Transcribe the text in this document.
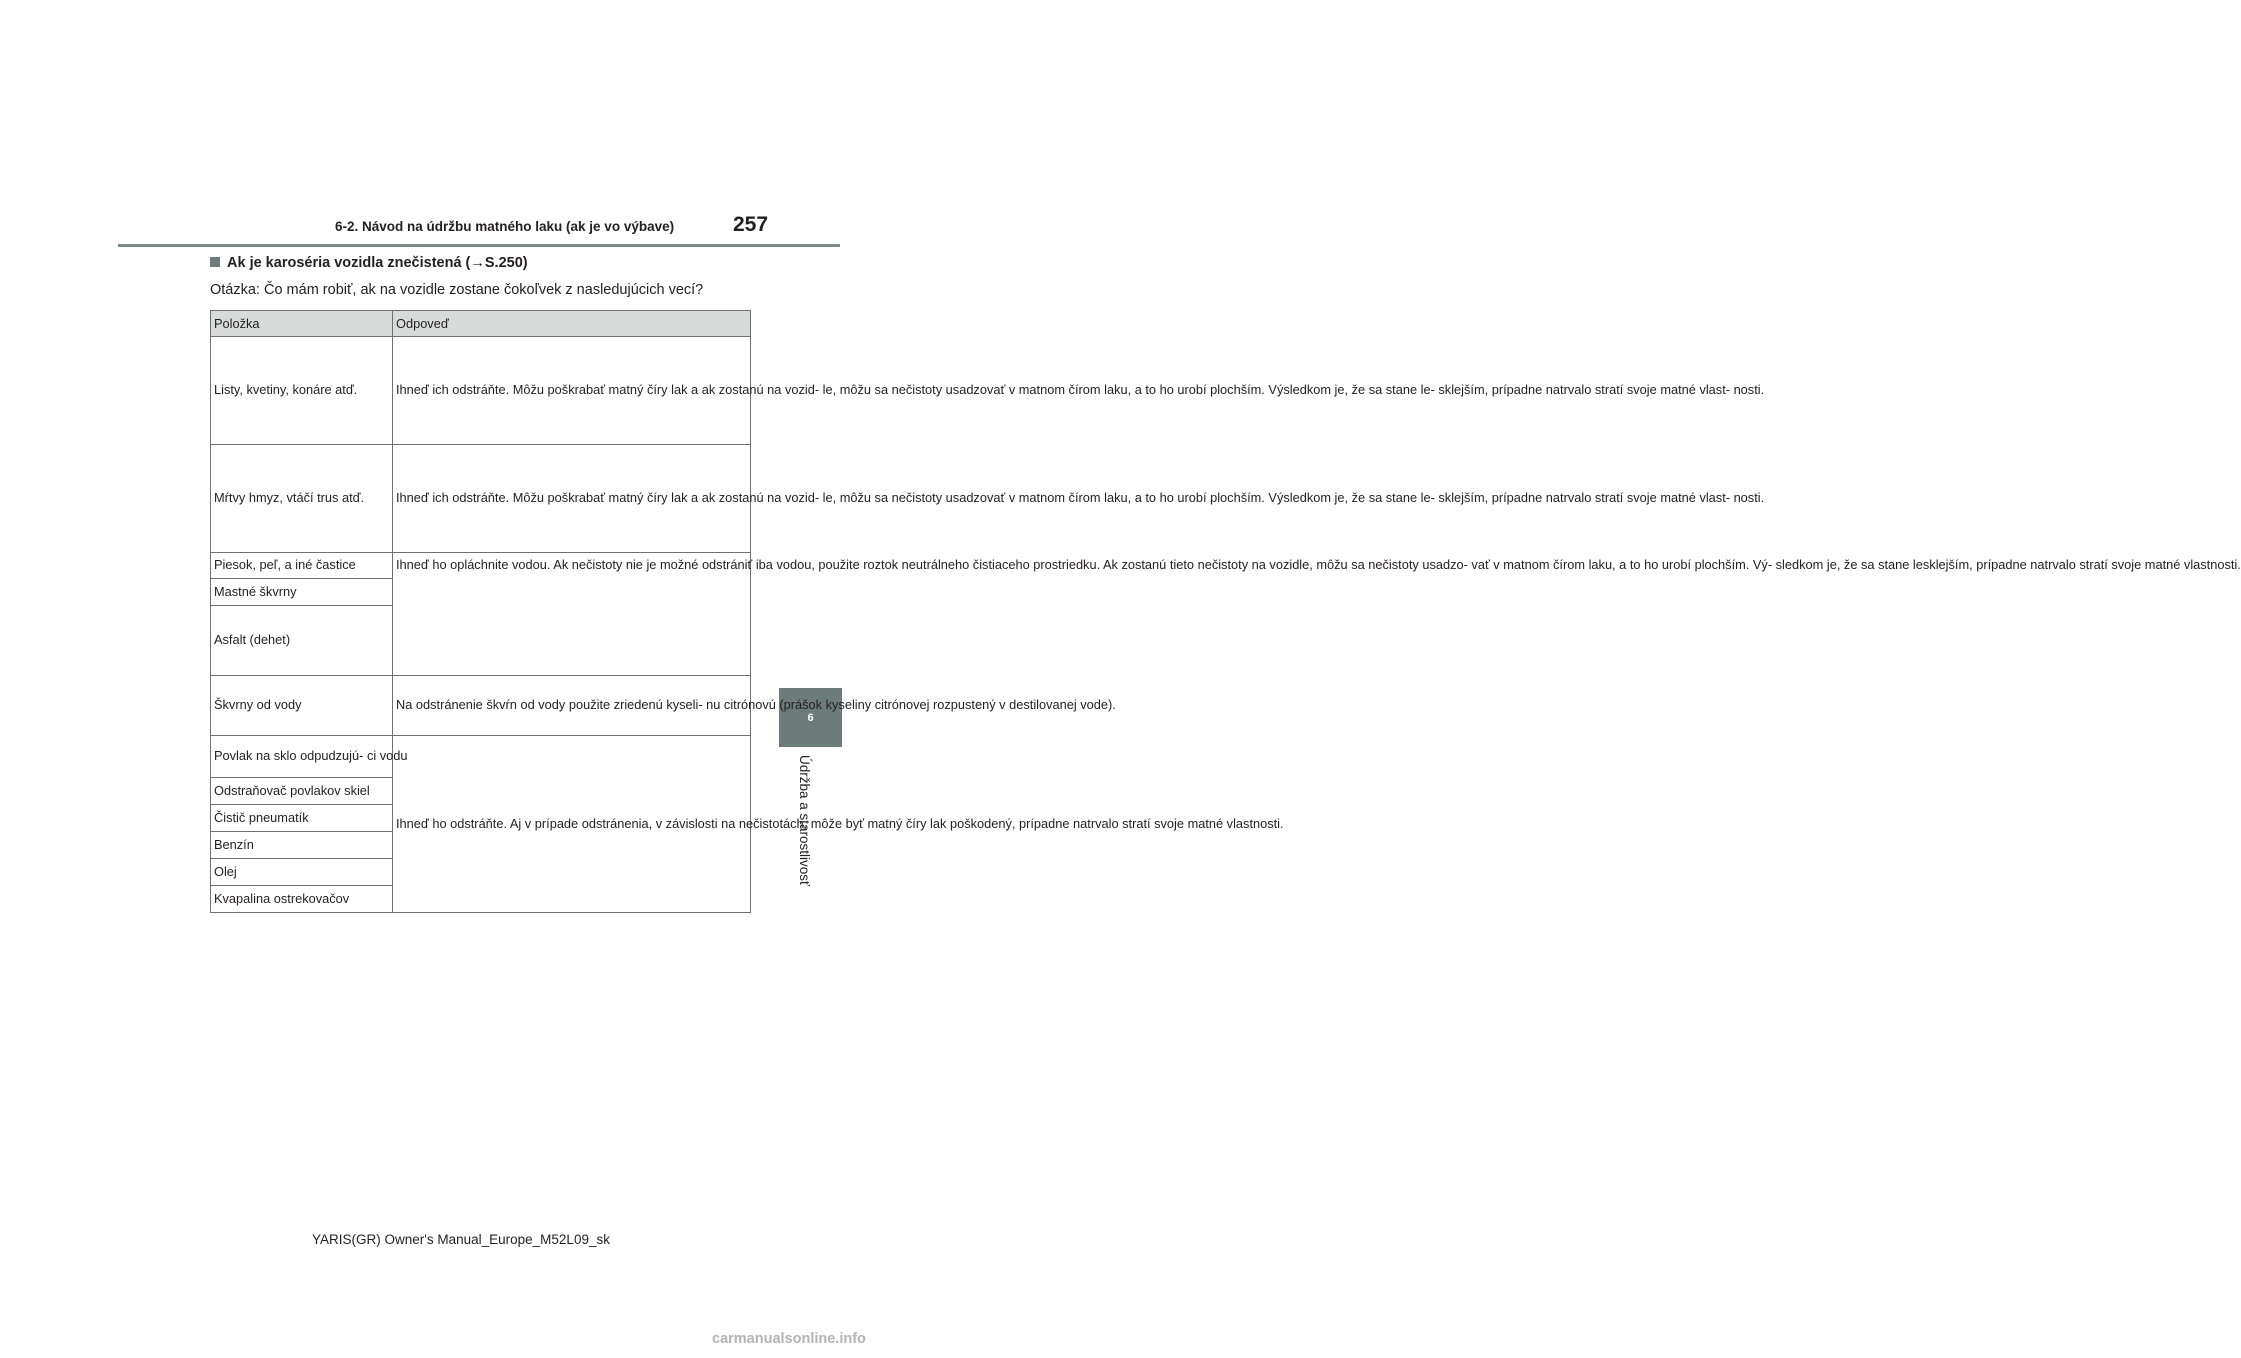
6-2. Návod na údržbu matného laku (ak je vo výbave)	257
6
Údržba a starostlivosť
Ak je karoséria vozidla znečistená (→S.250)
Otázka: Čo mám robiť, ak na vozidle zostane čokoľvek z nasledujúcich vecí?
Položka	Odpoveď
Listy, kvetiny, konáre atď.	Ihneď ich odstráňte. Môžu poškrabať matný číry lak a ak zostanú na vozid- le, môžu sa nečistoty usadzovať v matnom čírom laku, a to ho urobí plochším. Výsledkom je, že sa stane le- sklejším, prípadne natrvalo stratí svoje matné vlast- nosti.
Mŕtvy hmyz, vtáčí trus atď.	Ihneď ich odstráňte. Môžu poškrabať matný číry lak a ak zostanú na vozid- le, môžu sa nečistoty usadzovať v matnom čírom laku, a to ho urobí plochším. Výsledkom je, že sa stane le- sklejším, prípadne natrvalo stratí svoje matné vlast- nosti.
Piesok, peľ, a iné častice	Ihneď ho opláchnite vodou. Ak nečistoty nie je možné odstrániť iba vodou, použite roztok neutrálneho čistiaceho prostriedku. Ak zostanú tieto nečistoty na vozidle, môžu sa nečistoty usadzo- vať v matnom čírom laku, a to ho urobí plochším. Vý- sledkom je, že sa stane lesklejším, prípadne natrvalo stratí svoje matné vlastnosti.
Mastné škvrny	
Asfalt (dehet)	
Škvrny od vody	Na odstránenie škvŕn od vody použite zriedenú kyseli- nu citrónovú (prášok kyseliny citrónovej rozpustený v destilovanej vode).
Povlak na sklo odpudzujú- ci vodu	Ihneď ho odstráňte. Aj v prípade odstránenia, v závislosti na nečistotách, môže byť matný číry lak poškodený, prípadne natrvalo stratí svoje matné vlastnosti.
Odstraňovač povlakov skiel	
Čistič pneumatík	
Benzín	
Olej	
Kvapalina ostrekovačov	
YARIS(GR) Owner's Manual_Europe_M52L09_sk
carmanualsonline.info
